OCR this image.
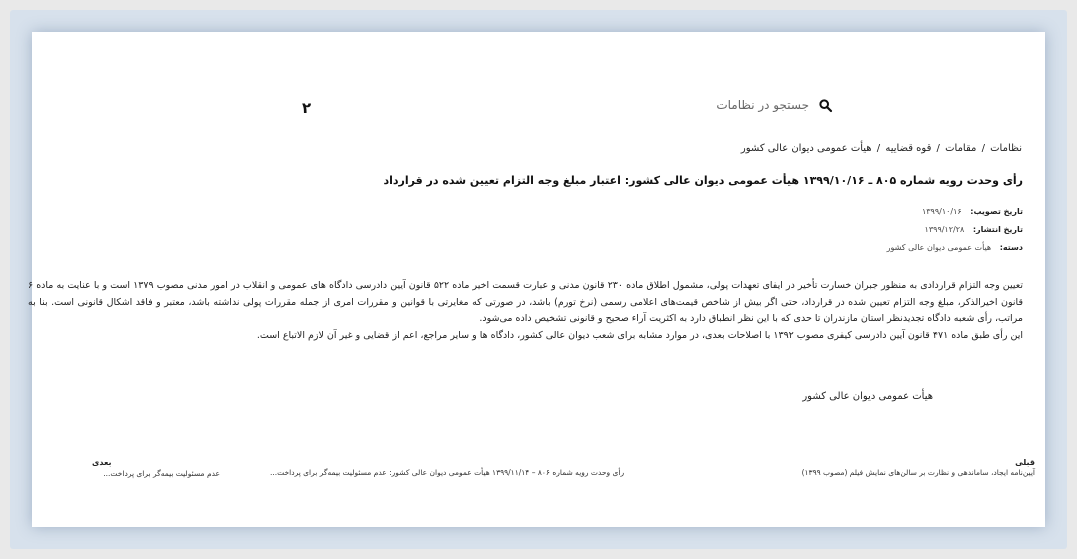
٢
جستجو در نظامات
نظامات / مقامات / قوه قضاییه / هیأت عمومی دیوان عالی کشور
رأی وحدت رویه شماره ۸۰۵ ـ ۱۳۹۹/۱۰/۱۶ هیأت عمومی دیوان عالی کشور: اعتبار مبلغ وجه التزام تعیین شده در قرارداد
تاریخ تصویب: ۱۳۹۹/۱۰/۱۶
تاریخ انتشار: ۱۳۹۹/۱۲/۲۸
دسته: هیأت عمومی دیوان عالی کشور

تعیین وجه التزام قراردادی به منظور جبران خسارت تأخیر در ایفای تعهدات پولی، مشمول اطلاق ماده ۲۳۰ قانون مدنی و عبارت قسمت اخیر ماده ۵۲۲ قانون آیین دادرسی دادگاه های عمومی و انقلاب در امور مدنی مصوب ۱۳۷۹ است و با عنایت به ماده ۶ قانون اخیرالذکر، مبلغ وجه التزام تعیین شده در قرارداد، حتی اگر بیش از شاخص قیمت‌های اعلامی رسمی (نرخ تورم) باشد، در صورتی که مغایرتی با قوانین و مقررات امری از جمله مقررات پولی نداشته باشد، معتبر و فاقد اشکال قانونی است. بنا به مراتب، رأی شعبه دادگاه تجدیدنظر استان مازندران تا حدی که با این نظر انطباق دارد به اکثریت آراء صحیح و قانونی تشخیص داده می‌شود.

این رأی طبق ماده ۴۷۱ قانون آیین دادرسی کیفری مصوب ۱۳۹۲ با اصلاحات بعدی، در موارد مشابه برای شعب دیوان عالی کشور، دادگاه ها و سایر مراجع، اعم از قضایی و غیر آن لازم الاتباع است.

هیأت عمومی دیوان عالی کشور
بعدی
عدم مسئولیت بیمه‌گر برای پرداخت...	رأی وحدت رویه شماره ۸۰۶ – ۱۳۹۹/۱۱/۱۴ هیأت عمومی دیوان عالی کشور: عدم مسئولیت بیمه‌گر برای پرداخت...
قبلی
آیین‌نامه ایجاد، ساماندهی و نظارت بر سالن‌های نمایش فیلم (مصوب ۱۳۹۹)
